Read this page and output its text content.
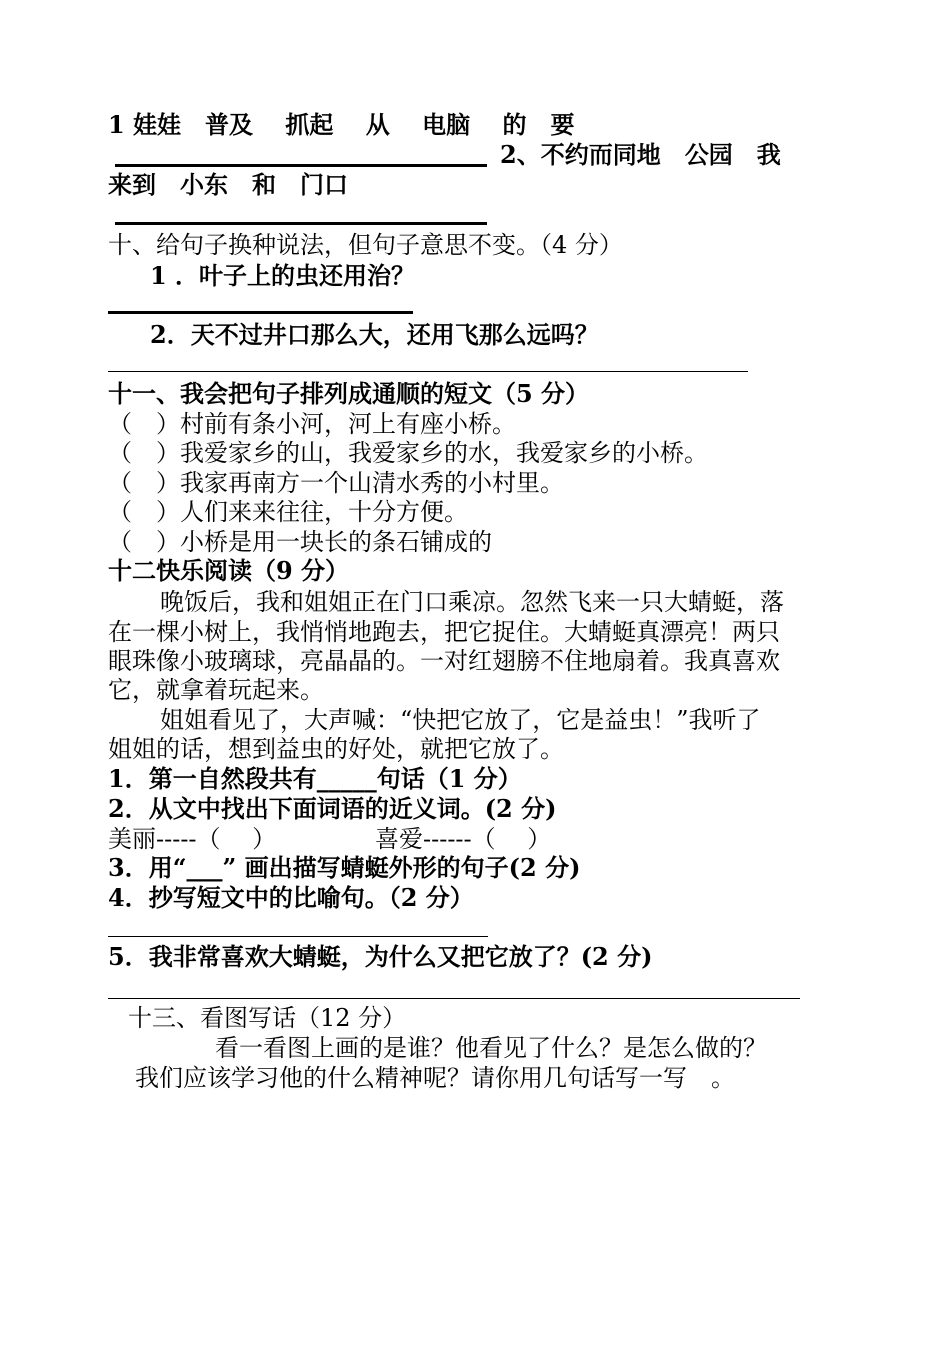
1 娃娃　普及　 抓起　 从　 电脑　 的　要
2、不约而同地　公园　我
来到　小东　和　门口
十、给句子换种说法，但句子意思不变。（4 分）
1 ．叶子上的虫还用治？
2．天不过井口那么大，还用飞那么远吗？
十一、我会把句子排列成通顺的短文（5 分）
（　）村前有条小河，河上有座小桥。
（　）我爱家乡的山，我爱家乡的水，我爱家乡的小桥。
（　）我家再南方一个山清水秀的小村里。
（　）人们来来往往，十分方便。
（　）小桥是用一块长的条石铺成的
十二快乐阅读（9 分）
晚饭后，我和姐姐正在门口乘凉。忽然飞来一只大蜻蜓，落
在一棵小树上，我悄悄地跑去，把它捉住。大蜻蜓真漂亮！两只
眼珠像小玻璃球，亮晶晶的。一对红翅膀不住地扇着。我真喜欢
它，就拿着玩起来。
姐姐看见了，大声喊：“快把它放了，它是益虫！”我听了
姐姐的话，想到益虫的好处，就把它放了。
1．第一自然段共有_____句话（1 分）
2．从文中找出下面词语的近义词。(2 分)
美丽-----（　 ）	喜爱------（　 ）
3．用“___” 画出描写蜻蜓外形的句子(2 分)
4．抄写短文中的比喻句。（2 分）
5．我非常喜欢大蜻蜓，为什么又把它放了？(2 分)
十三、看图写话（12 分）
看一看图上画的是谁？他看见了什么？是怎么做的？
我们应该学习他的什么精神呢？请你用几句话写一写　。
